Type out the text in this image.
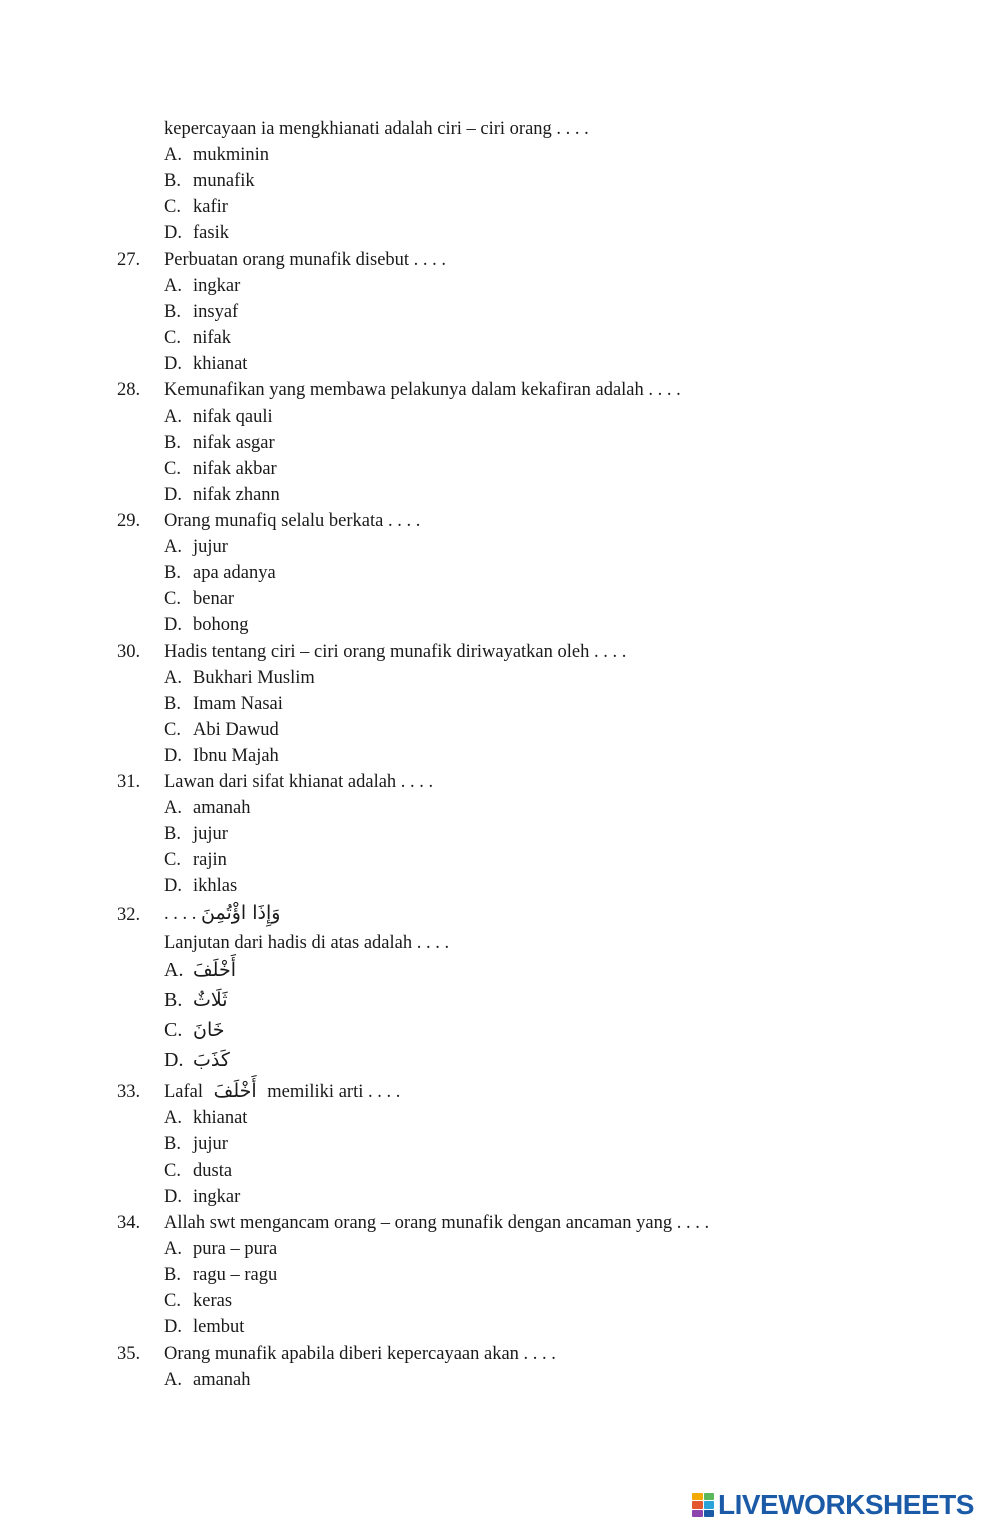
kepercayaan ia mengkhianati adalah ciri – ciri orang . . . .
A. mukminin
B. munafik
C. kafir
D. fasik
27. Perbuatan orang munafik disebut . . . .
A. ingkar
B. insyaf
C. nifak
D. khianat
28. Kemunafikan yang membawa pelakunya dalam kekafiran adalah . . . .
A. nifak qauli
B. nifak asgar
C. nifak akbar
D. nifak zhann
29. Orang munafiq selalu berkata . . . .
A. jujur
B. apa adanya
C. benar
D. bohong
30. Hadis tentang ciri – ciri orang munafik diriwayatkan oleh . . . .
A. Bukhari Muslim
B. Imam Nasai
C. Abi Dawud
D. Ibnu Majah
31. Lawan dari sifat khianat adalah . . . .
A. amanah
B. jujur
C. rajin
D. ikhlas
32. . . . . وَإِذَا اؤْتُمِنَ
Lanjutan dari hadis di atas adalah . . . .
A. أَخْلَفَ
B. ثَلَاثٌ
C. خَانَ
D. كَذَبَ
33. Lafal أَخْلَفَ memiliki arti . . . .
A. khianat
B. jujur
C. dusta
D. ingkar
34. Allah swt mengancam orang – orang munafik dengan ancaman yang . . . .
A. pura – pura
B. ragu – ragu
C. keras
D. lembut
35. Orang munafik apabila diberi kepercayaan akan . . . .
A. amanah
LIVEWORKSHEETS
